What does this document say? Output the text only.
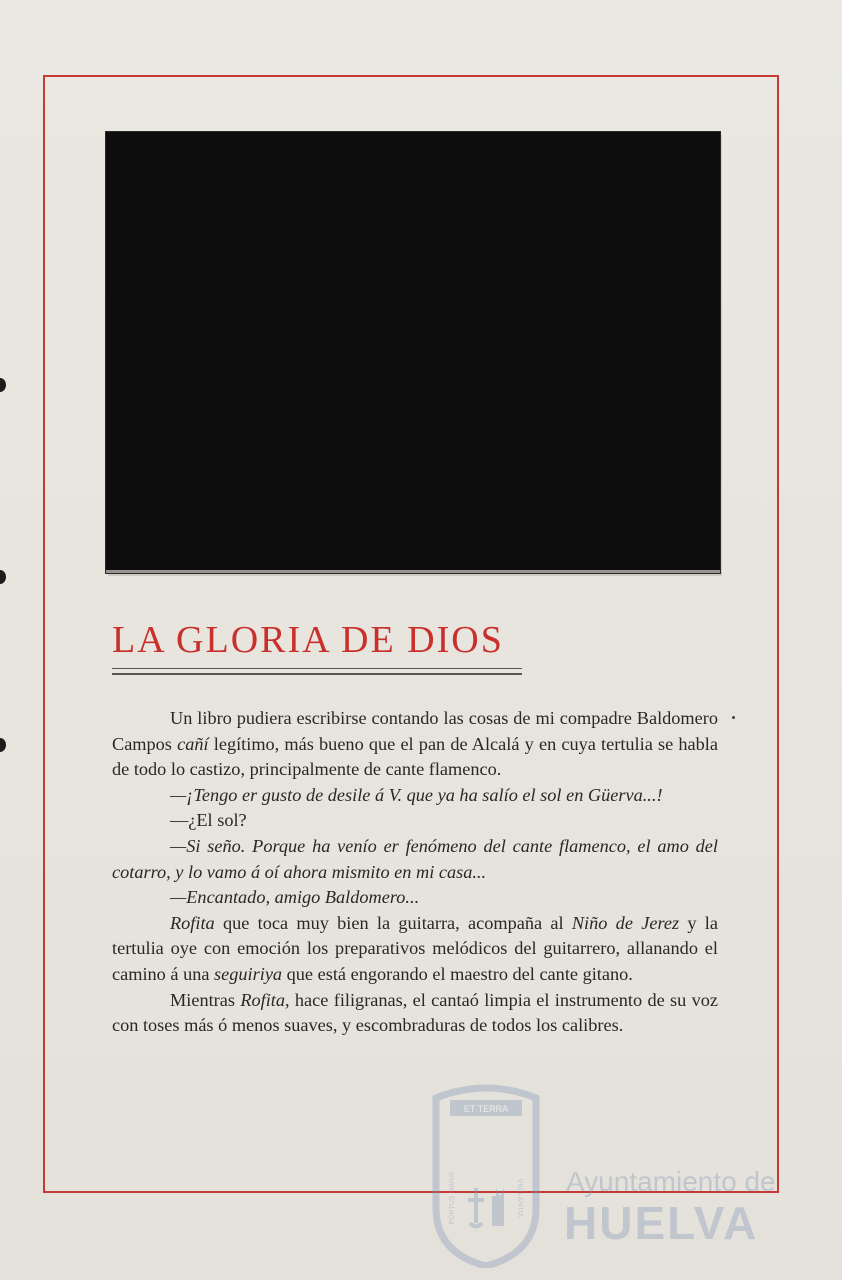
LA GLORIA DE DIOS

Un libro pudiera escribirse contando las cosas de mi compadre Baldomero Campos cañí legítimo, más bueno que el pan de Alcalá y en cuya tertulia se habla de todo lo castizo, principalmente de cante flamenco.

—¡Tengo er gusto de desile á V. que ya ha salío el sol en Güerva...!

—¿El sol?

—Si seño. Porque ha venío er fenómeno del cante flamenco, el amo del cotarro, y lo vamo á oí ahora mismito en mi casa...

—Encantado, amigo Baldomero...

Rofita que toca muy bien la guitarra, acompaña al Niño de Jerez y la tertulia oye con emoción los preparativos melódicos del guitarrero, allanando el camino á una seguiriya que está engorando el maestro del cante gitano.

Mientras Rofita, hace filigranas, el cantaó limpia el instrumento de su voz con toses más ó menos suaves, y escombraduras de todos los calibres.

ET TERRA
PORTUS MARIS	VIGILANTIA Ayuntamiento de
HUELVA
